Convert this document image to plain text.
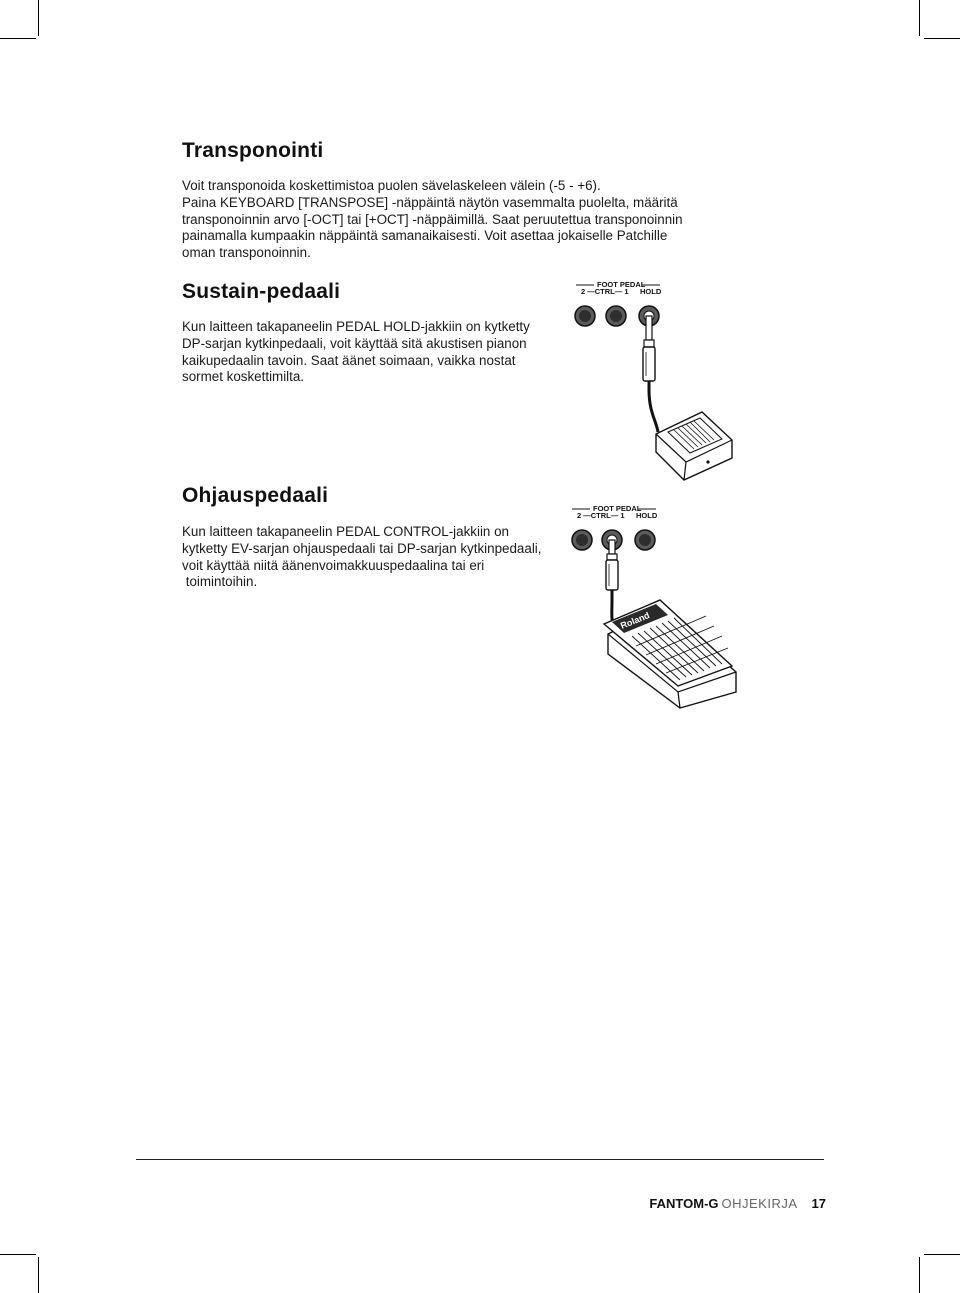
Transponointi
Voit transponoida koskettimistoa puolen sävelaskeleen välein (-5 - +6).
Paina KEYBOARD [TRANSPOSE] -näppäintä näytön vasemmalta puolelta, määritä
transponoinnin arvo [-OCT] tai [+OCT] -näppäimillä. Saat peruutettua transponoinnin
painamalla kumpaakin näppäintä samanaikaisesti. Voit asettaa jokaiselle Patchille
oman transponoinnin.
Sustain-pedaali
Kun laitteen takapaneelin PEDAL HOLD-jakkiin on kytketty
DP-sarjan kytkinpedaali, voit käyttää sitä akustisen pianon
kaikupedaalin tavoin. Saat äänet soimaan, vaikka nostat
sormet koskettimilta.
FOOT PEDAL
2 —CTRL— 1 HOLD
Ohjauspedaali
Kun laitteen takapaneelin PEDAL CONTROL-jakkiin on
kytketty EV-sarjan ohjauspedaali tai DP-sarjan kytkinpedaali,
voit käyttää niitä äänenvoimakkuuspedaalina tai eri
toimintoihin.
FOOT PEDAL
2 —CTRL— 1 HOLD
Roland
FANTOM-G OHJEKIRJA 17
